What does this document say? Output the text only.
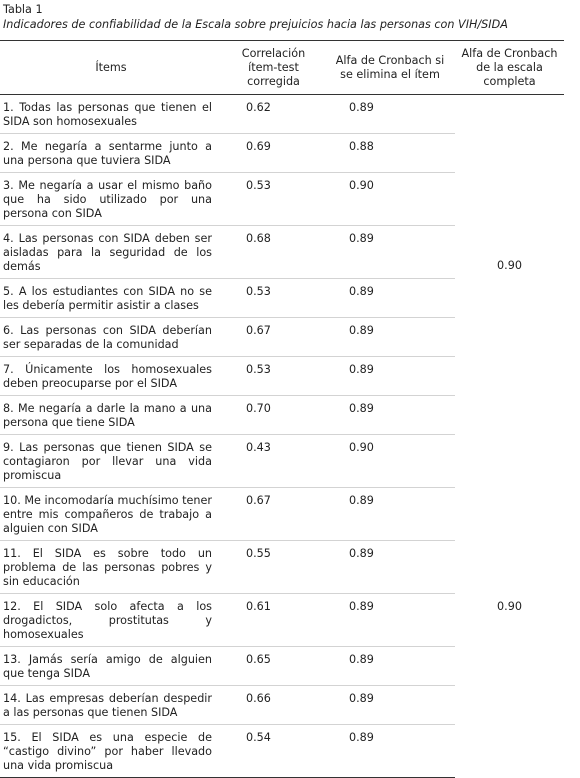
Tabla 1
Indicadores de confiabilidad de la Escala sobre prejuicios hacia las personas con VIH/SIDA
Ítems	Correlación ítem-test corregida	Alfa de Cronbach si se elimina el ítem	Alfa de Cronbach de la escala completa
1. Todas las personas que tienen el SIDA son homosexuales	0.62	0.89	0.90
2. Me negaría a sentarme junto a una persona que tuviera SIDA	0.69	0.88	
3. Me negaría a usar el mismo baño que ha sido utilizado por una persona con SIDA	0.53	0.90	
4. Las personas con SIDA deben ser aisladas para la seguridad de los demás	0.68	0.89	
5. A los estudiantes con SIDA no se les debería permitir asistir a clases	0.53	0.89	
6. Las personas con SIDA deberían ser separadas de la comunidad	0.67	0.89	
7. Únicamente los homosexuales deben preocuparse por el SIDA	0.53	0.89	
8. Me negaría a darle la mano a una persona que tiene SIDA	0.70	0.89	
9. Las personas que tienen SIDA se contagiaron por llevar una vida promiscua	0.43	0.90	0.90
10. Me incomodaría muchísimo tener entre mis compañeros de trabajo a alguien con SIDA	0.67	0.89	
11. El SIDA es sobre todo un problema de las personas pobres y sin educación	0.55	0.89	
12. El SIDA solo afecta a los drogadictos, prostitutas y homosexuales	0.61	0.89	
13. Jamás sería amigo de alguien que tenga SIDA	0.65	0.89	
14. Las empresas deberían despedir a las personas que tienen SIDA	0.66	0.89	
15. El SIDA es una especie de “castigo divino” por haber llevado una vida promiscua	0.54	0.89	
